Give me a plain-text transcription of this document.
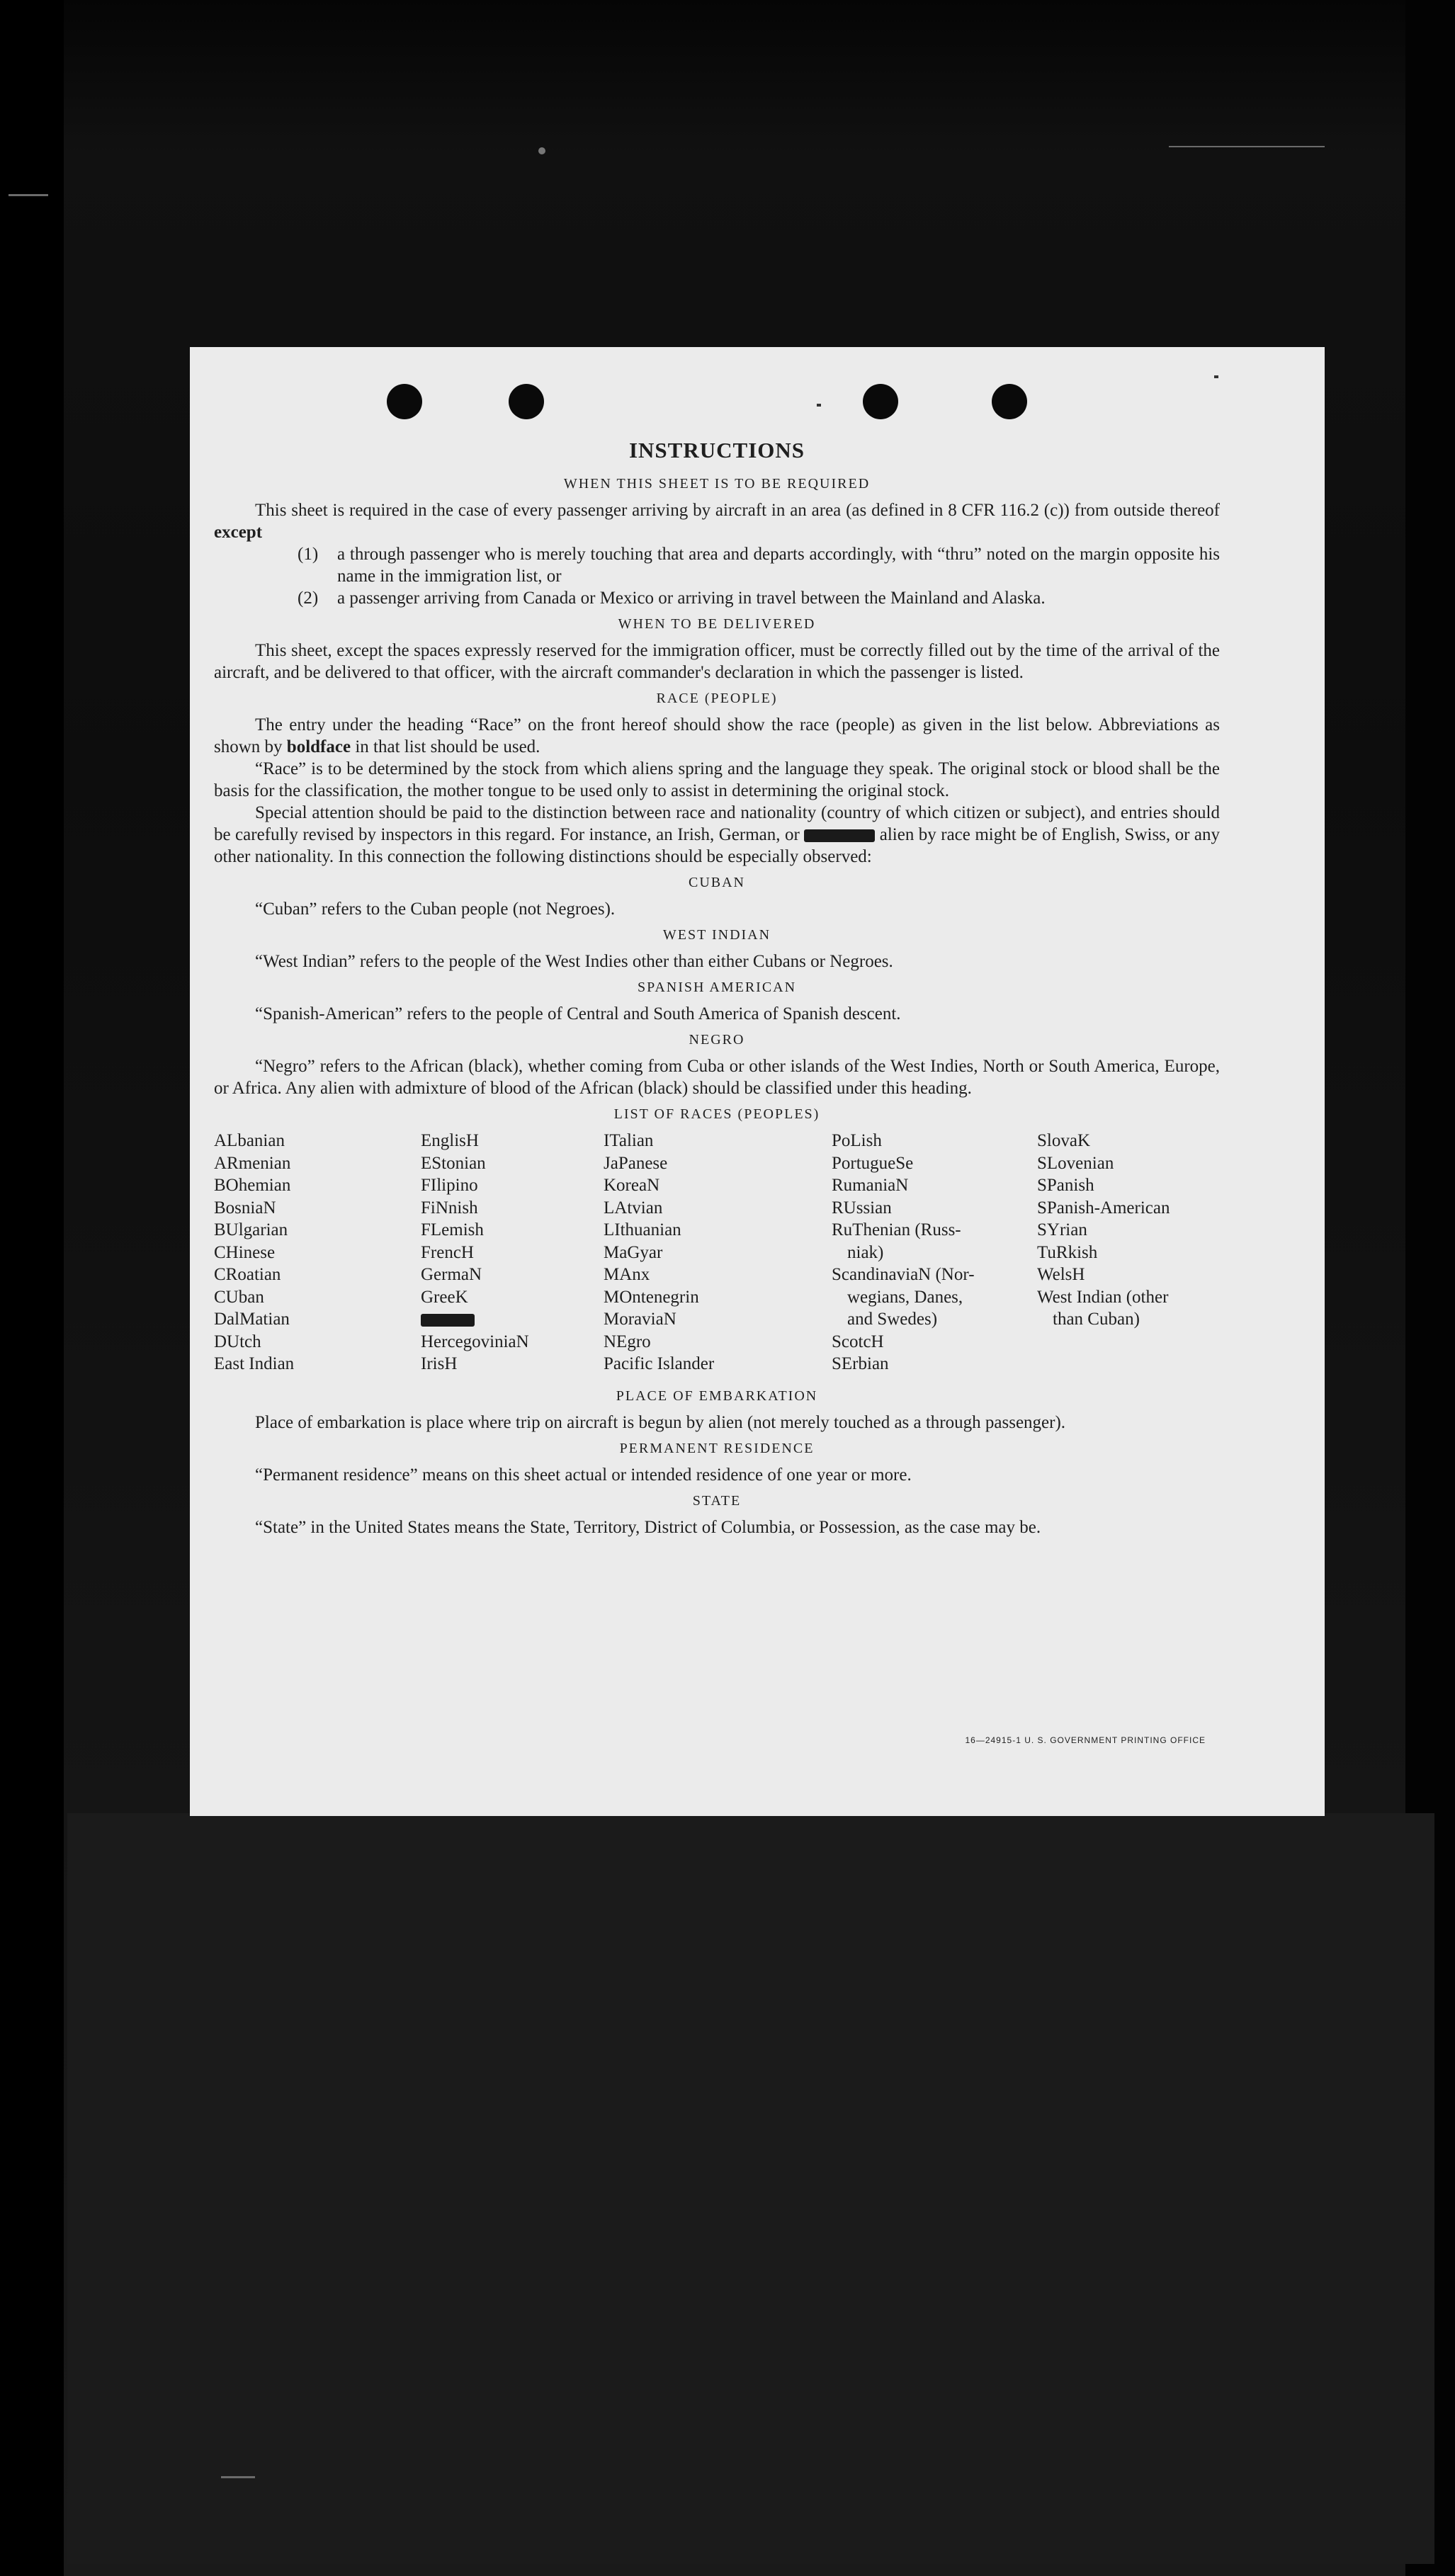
INSTRUCTIONS
WHEN THIS SHEET IS TO BE REQUIRED

This sheet is required in the case of every passenger arriving by aircraft in an area (as defined in 8 CFR 116.2 (c)) from outside thereof except

(1)	a through passenger who is merely touching that area and departs accordingly, with “thru” noted on the margin opposite his name in the immigration list, or
(2)	a passenger arriving from Canada or Mexico or arriving in travel between the Mainland and Alaska.
WHEN TO BE DELIVERED

This sheet, except the spaces expressly reserved for the immigration officer, must be correctly filled out by the time of the arrival of the aircraft, and be delivered to that officer, with the aircraft commander's declaration in which the passenger is listed.

RACE (PEOPLE)

The entry under the heading “Race” on the front hereof should show the race (people) as given in the list below. Abbreviations as shown by boldface in that list should be used.

“Race” is to be determined by the stock from which aliens spring and the language they speak. The original stock or blood shall be the basis for the classification, the mother tongue to be used only to assist in determining the original stock.

Special attention should be paid to the distinction between race and nationality (country of which citizen or subject), and entries should be carefully revised by inspectors in this regard. For instance, an Irish, German, or	alien by race might be of English, Swiss, or any other nationality. In this connection the following distinctions should be especially observed:

CUBAN

“Cuban” refers to the Cuban people (not Negroes).

WEST INDIAN

“West Indian” refers to the people of the West Indies other than either Cubans or Negroes.

SPANISH AMERICAN

“Spanish-American” refers to the people of Central and South America of Spanish descent.

NEGRO

“Negro” refers to the African (black), whether coming from Cuba or other islands of the West Indies, North or South America, Europe, or Africa. Any alien with admixture of blood of the African (black) should be classified under this heading.

LIST OF RACES (PEOPLES)
ALbanian
ARmenian
BOhemian
BosniaN
BUlgarian
CHinese
CRoatian
CUban
DalMatian
DUtch
East Indian
EnglisH
EStonian
FIlipino
FiNnish
FLemish
FrencH
GermaN
GreeK
HercegoviniaN
IrisH
ITalian
JaPanese
KoreaN
LAtvian
LIthuanian
MaGyar
MAnx
MOntenegrin
MoraviaN
NEgro
Pacific Islander
PoLish
PortugueSe
RumaniaN
RUssian
RuThenian (Russ-
niak)
ScandinaviaN (Nor-
wegians, Danes,
and Swedes)
ScotcH
SErbian
SlovaK
SLovenian
SPanish
SPanish-American
SYrian
TuRkish
WelsH
West Indian (other
than Cuban)
PLACE OF EMBARKATION

Place of embarkation is place where trip on aircraft is begun by alien (not merely touched as a through passenger).

PERMANENT RESIDENCE

“Permanent residence” means on this sheet actual or intended residence of one year or more.

STATE

“State” in the United States means the State, Territory, District of Columbia, or Possession, as the case may be.

16—24915-1 U. S. GOVERNMENT PRINTING OFFICE
